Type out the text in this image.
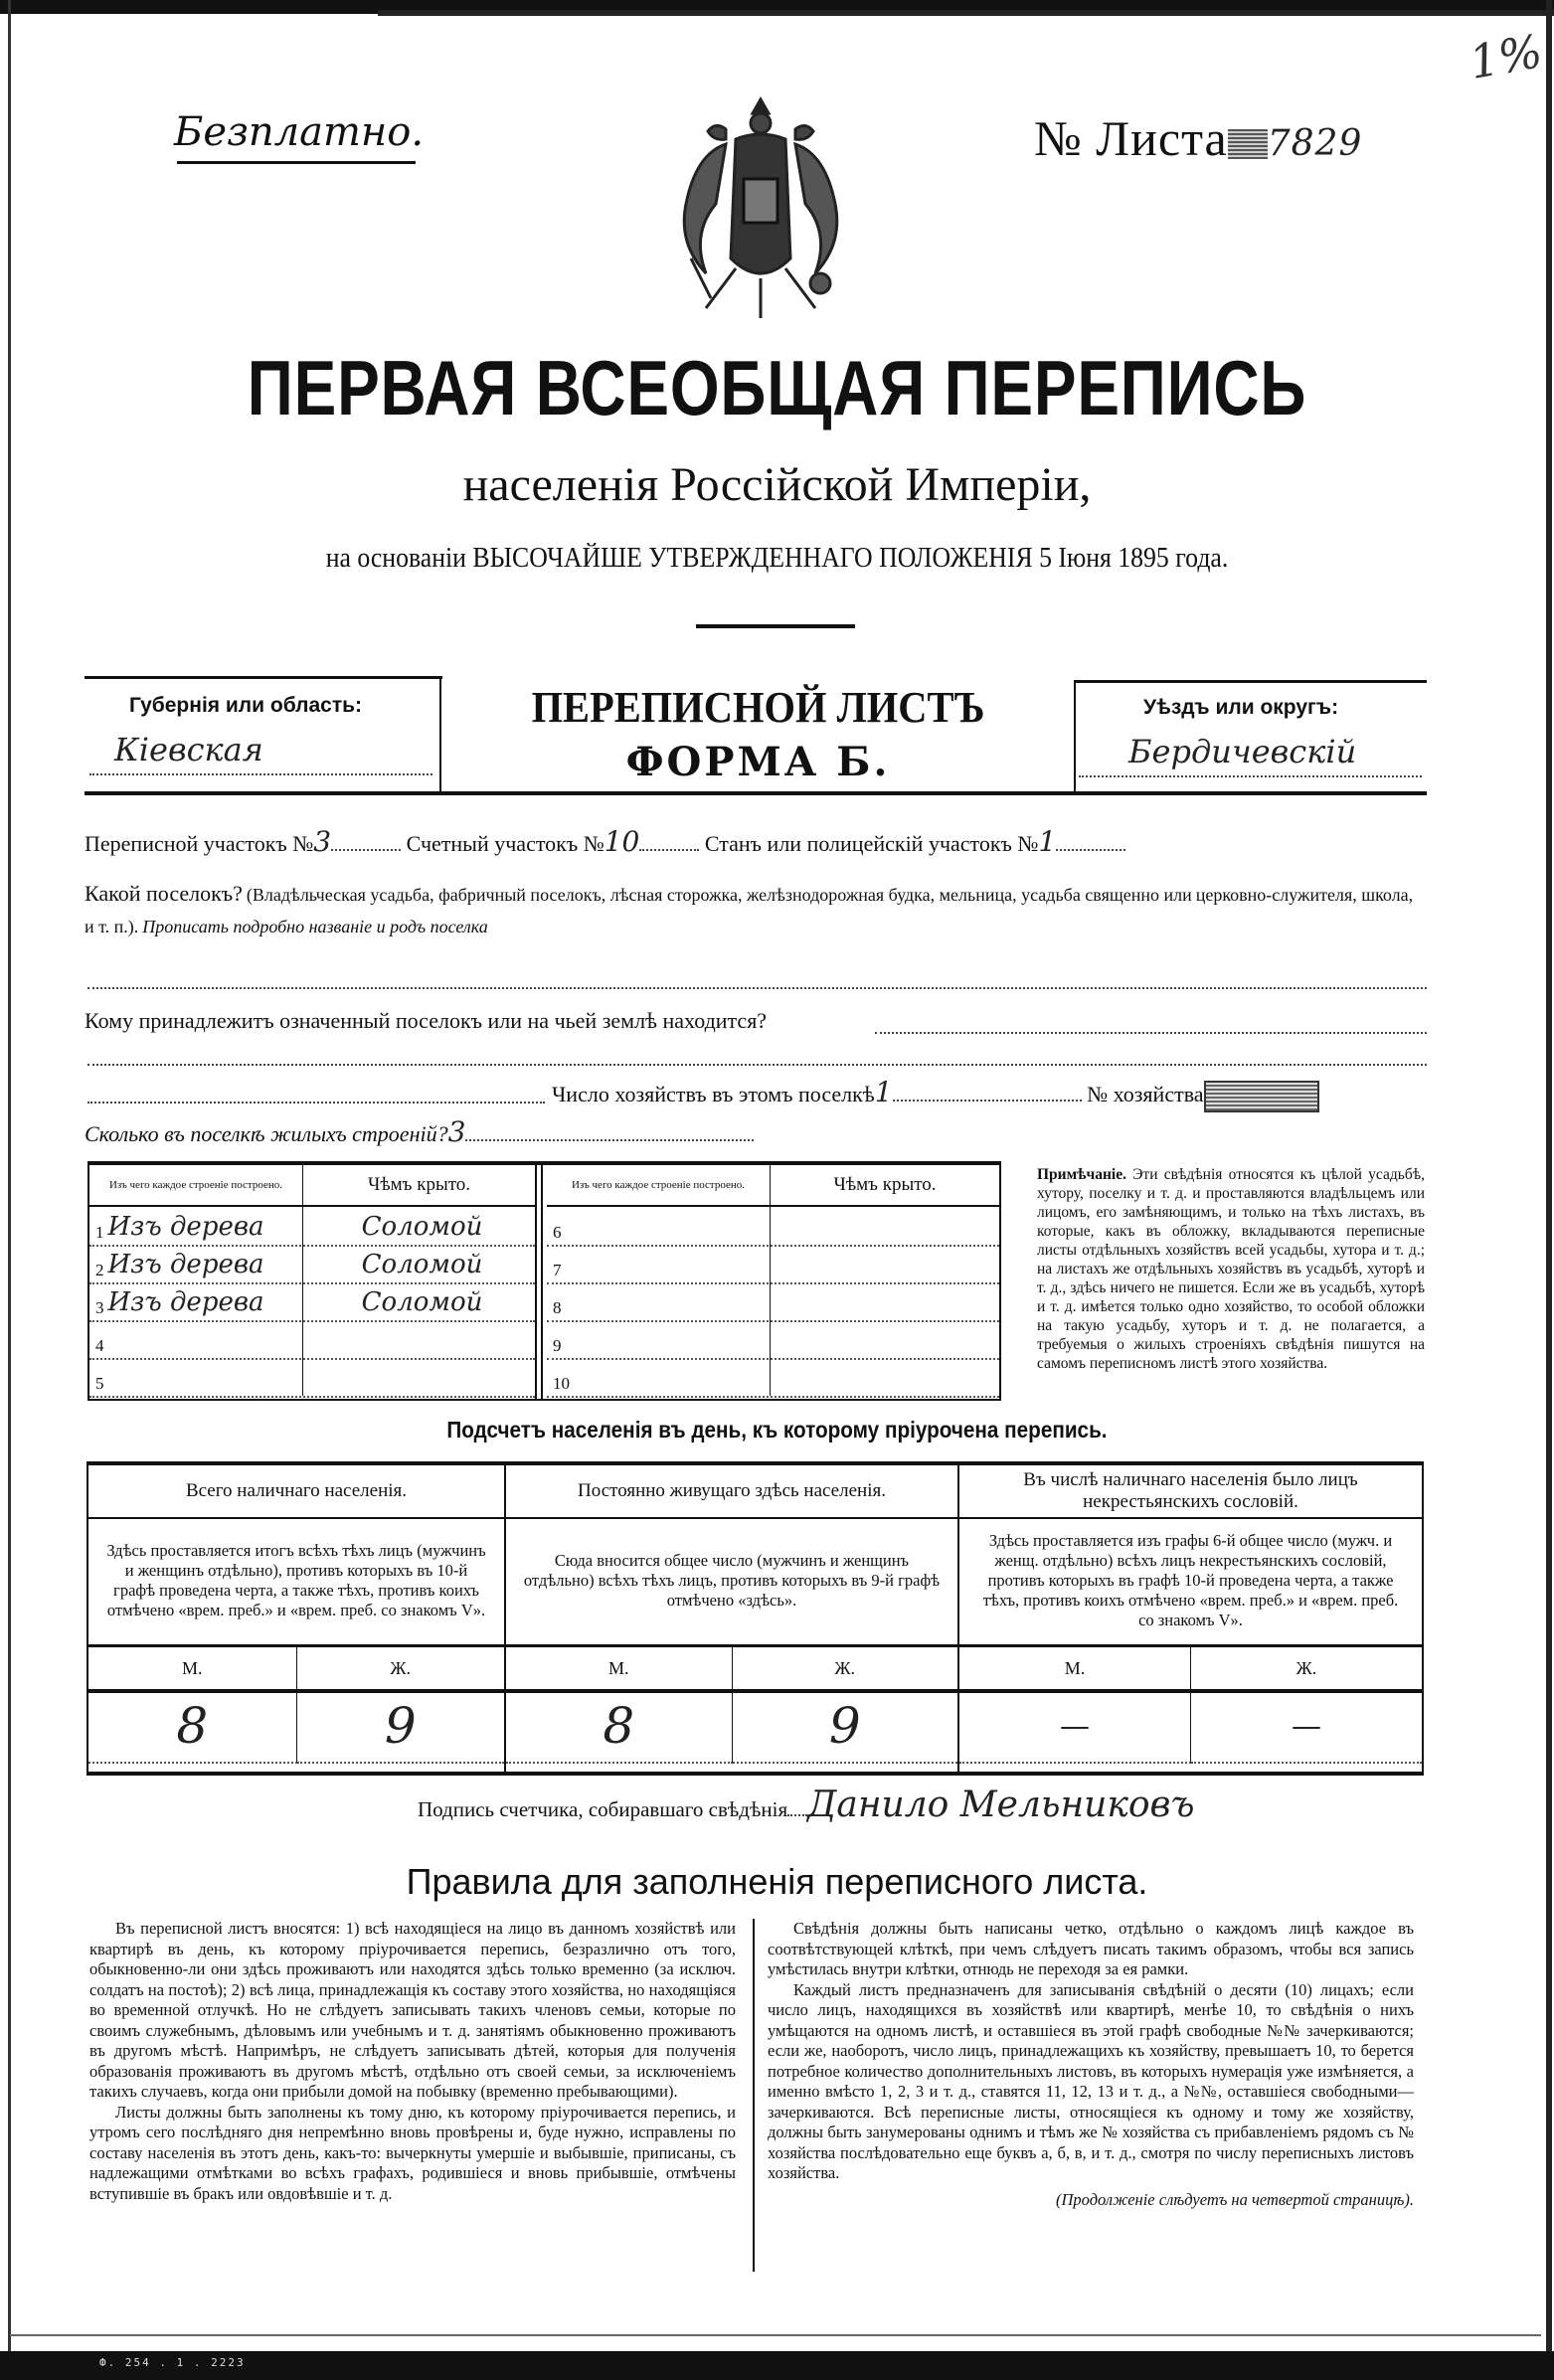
Ф. 254 . 1 . 2223
Безплатно.	№ Листа 7829
1%
ПЕРВАЯ ВСЕОБЩАЯ ПЕРЕПИСЬ
населенія Россійской Имперіи,
на основаніи ВЫСОЧАЙШЕ УТВЕРЖДЕННАГО ПОЛОЖЕНІЯ 5 Іюня 1895 года.
Губернія или область:
Кіевская
ПЕРЕПИСНОЙ ЛИСТЪ
ФОРМА Б.
Уѣздъ или округъ:
Бердичевскій
Переписной участокъ №3	Счетный участокъ №10	Станъ или полицейскій участокъ №1
Какой поселокъ? (Владѣльческая усадьба, фабричный поселокъ, лѣсная сторожка, желѣзнодорожная будка, мельница, усадьба священно или церковно-служителя, школа, и т. п.). Прописать подробно названіе и родъ поселка
Кому принадлежитъ означенный поселокъ или на чьей землѣ находится?
Число хозяйствъ въ этомъ поселкѣ1	№ хозяйства
Сколько въ поселкѣ жилыхъ строеній?3
Изъ чего каждое строеніе построено.	Чѣмъ крыто.
1 Изъ дерева	Соломой
2 Изъ дерева	Соломой
3 Изъ дерева	Соломой
4
5
Изъ чего каждое строеніе построено.	Чѣмъ крыто.
6
7
8
9
10
Примѣчаніе. Эти свѣдѣнія относятся къ цѣлой усадьбѣ, хутору, поселку и т. д. и проставляются владѣльцемъ или лицомъ, его замѣняющимъ, и только на тѣхъ листахъ, въ которые, какъ въ обложку, вкладываются переписные листы отдѣльныхъ хозяйствъ всей усадьбы, хутора и т. д.; на листахъ же отдѣльныхъ хозяйствъ въ усадьбѣ, хуторѣ и т. д., здѣсь ничего не пишется. Если же въ усадьбѣ, хуторѣ и т. д. имѣется только одно хозяйство, то особой обложки на такую усадьбу, хуторъ и т. д. не полагается, а требуемыя о жилыхъ строеніяхъ свѣдѣнія пишутся на самомъ переписномъ листѣ этого хозяйства.
Подсчетъ населенія въ день, къ которому пріурочена перепись.
Всего наличнаго населенія.
Здѣсь проставляется итогъ всѣхъ тѣхъ лицъ (мужчинъ и женщинъ отдѣльно), противъ которыхъ въ 10-й графѣ проведена черта, а также тѣхъ, противъ коихъ отмѣчено «врем. преб.» и «врем. преб. со знакомъ V».
М.	Ж.
8	9
Постоянно живущаго здѣсь населенія.
Сюда вносится общее число (мужчинъ и женщинъ отдѣльно) всѣхъ тѣхъ лицъ, противъ которыхъ въ 9-й графѣ отмѣчено «здѣсь».
М.	Ж.
8	9
Въ числѣ наличнаго населенія было лицъ некрестьянскихъ сословій.
Здѣсь проставляется изъ графы 6-й общее число (мужч. и женщ. отдѣльно) всѣхъ лицъ некрестьянскихъ сословій, противъ которыхъ въ графѣ 10-й проведена черта, а также тѣхъ, противъ коихъ отмѣчено «врем. преб.» и «врем. преб. со знакомъ V».
М.	Ж.
—	—
Подпись счетчика, собиравшаго свѣдѣнія Данило Мельниковъ
Правила для заполненія переписного листа.

Въ переписной листъ вносятся: 1) всѣ находящіеся на лицо въ данномъ хозяйствѣ или квартирѣ въ день, къ которому пріурочивается перепись, безразлично отъ того, обыкновенно-ли они здѣсь проживаютъ или находятся здѣсь только временно (за исключ. солдатъ на постоѣ); 2) всѣ лица, принадлежащія къ составу этого хозяйства, но находящіяся во временной отлучкѣ. Но не слѣдуетъ записывать такихъ членовъ семьи, которые по своимъ служебнымъ, дѣловымъ или учебнымъ и т. д. занятіямъ обыкновенно проживаютъ въ другомъ мѣстѣ. Напримѣръ, не слѣдуетъ записывать дѣтей, которыя для полученія образованія проживаютъ въ другомъ мѣстѣ, отдѣльно отъ своей семьи, за исключеніемъ такихъ случаевъ, когда они прибыли домой на побывку (временно пребывающими).

Листы должны быть заполнены къ тому дню, къ которому пріурочивается перепись, и утромъ сего послѣдняго дня непремѣнно вновь провѣрены и, буде нужно, исправлены по составу населенія въ этотъ день, какъ-то: вычеркнуты умершіе и выбывшіе, приписаны, съ надлежащими отмѣтками во всѣхъ графахъ, родившіеся и вновь прибывшіе, отмѣчены вступившіе въ бракъ или овдовѣвшіе и т. д.

Свѣдѣнія должны быть написаны четко, отдѣльно о каждомъ лицѣ каждое въ соотвѣтствующей клѣткѣ, при чемъ слѣдуетъ писать такимъ образомъ, чтобы вся запись умѣстилась внутри клѣтки, отнюдь не переходя за ея рамки.

Каждый листъ предназначенъ для записыванія свѣдѣній о десяти (10) лицахъ; если число лицъ, находящихся въ хозяйствѣ или квартирѣ, менѣе 10, то свѣдѣнія о нихъ умѣщаются на одномъ листѣ, и оставшіеся въ этой графѣ свободные №№ зачеркиваются; если же, наоборотъ, число лицъ, принадлежащихъ къ хозяйству, превышаетъ 10, то берется потребное количество дополнительныхъ листовъ, въ которыхъ нумерація уже измѣняется, а именно вмѣсто 1, 2, 3 и т. д., ставятся 11, 12, 13 и т. д., а №№, оставшіеся свободными—зачеркиваются. Всѣ переписные листы, относящіеся къ одному и тому же хозяйству, должны быть занумерованы однимъ и тѣмъ же № хозяйства съ прибавленіемъ рядомъ съ № хозяйства послѣдовательно еще буквъ а, б, в, и т. д., смотря по числу переписныхъ листовъ хозяйства.

(Продолженіе слѣдуетъ на четвертой страницѣ).
